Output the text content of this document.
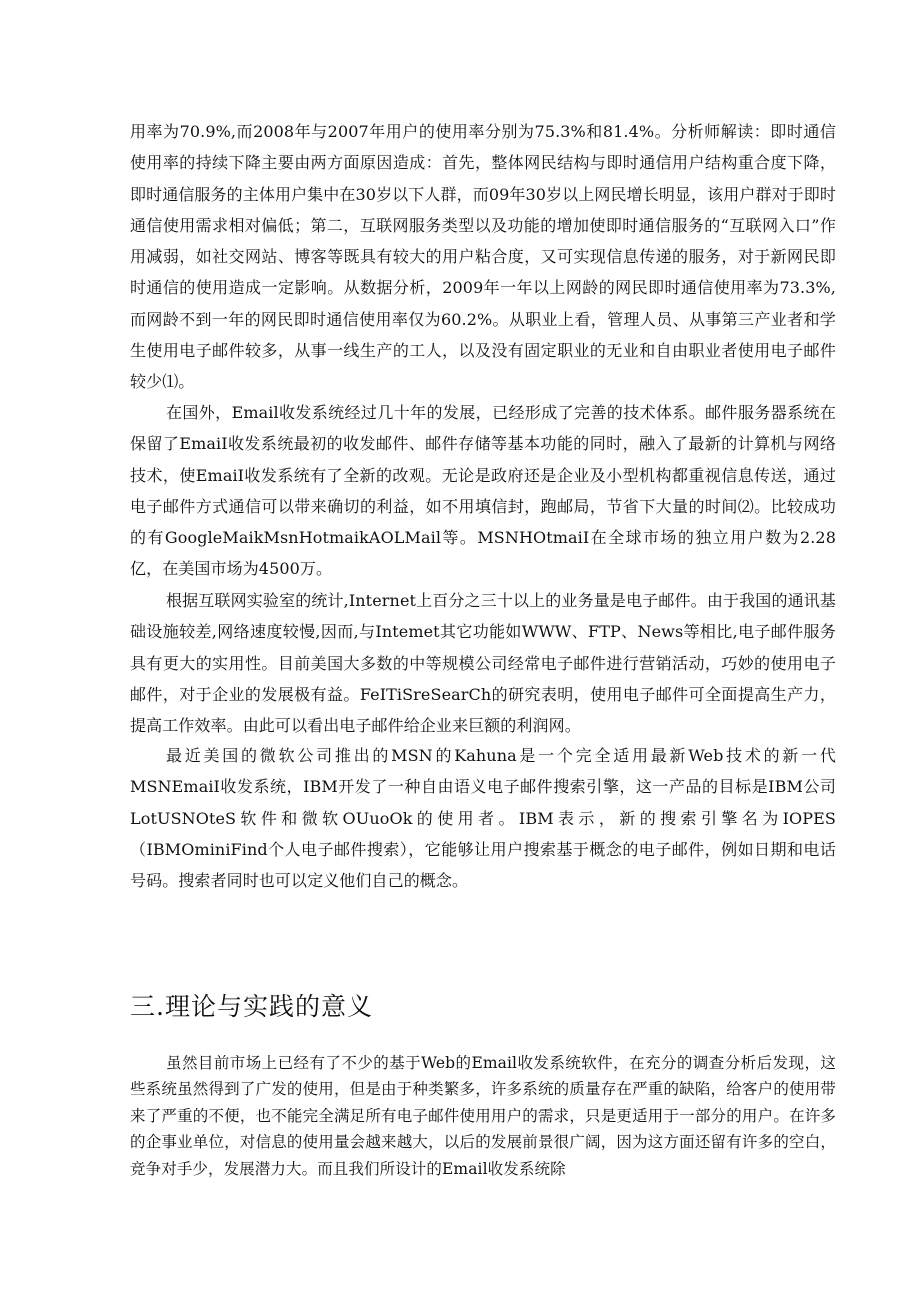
用率为70.9%,而2008年与2007年用户的使用率分别为75.3%和81.4%。分析师解读：即时通信使用率的持续下降主要由两方面原因造成：首先，整体网民结构与即时通信用户结构重合度下降，即时通信服务的主体用户集中在30岁以下人群，而09年30岁以上网民增长明显，该用户群对于即时通信使用需求相对偏低；第二，互联网服务类型以及功能的增加使即时通信服务的“互联网入口”作用减弱，如社交网站、博客等既具有较大的用户粘合度，又可实现信息传递的服务，对于新网民即时通信的使用造成一定影响。从数据分析，2009年一年以上网龄的网民即时通信使用率为73.3%,而网龄不到一年的网民即时通信使用率仅为60.2%。从职业上看，管理人员、从事第三产业者和学生使用电子邮件较多，从事一线生产的工人，以及没有固定职业的无业和自由职业者使用电子邮件较少⑴。

在国外，Email收发系统经过几十年的发展，已经形成了完善的技术体系。邮件服务器系统在保留了EmaiI收发系统最初的收发邮件、邮件存储等基本功能的同时，融入了最新的计算机与网络技术，使EmaiI收发系统有了全新的改观。无论是政府还是企业及小型机构都重视信息传送，通过电子邮件方式通信可以带来确切的利益，如不用填信封，跑邮局，节省下大量的时间⑵。比较成功的有GoogleMaikMsnHotmaikAOLMail等。MSNHOtmaiI在全球市场的独立用户数为2.28亿，在美国市场为4500万。

根据互联网实验室的统计,Internet上百分之三十以上的业务量是电子邮件。由于我国的通讯基础设施较差,网络速度较慢,因而,与Intemet其它功能如WWW、FTP、News等相比,电子邮件服务具有更大的实用性。目前美国大多数的中等规模公司经常电子邮件进行营销活动，巧妙的使用电子邮件，对于企业的发展极有益。FeITiSreSearCh的研究表明，使用电子邮件可全面提高生产力，提高工作效率。由此可以看出电子邮件给企业来巨额的利润网。

最近美国的微软公司推出的MSN的Kahuna是一个完全适用最新Web技术的新一代MSNEmaiI收发系统，IBM开发了一种自由语义电子邮件搜索引擎，这一产品的目标是IBM公司LotUSNOteS软件和微软OUuoOk的使用者。IBM表示，新的搜索引擎名为IOPES（IBMOminiFind个人电子邮件搜索），它能够让用户搜索基于概念的电子邮件，例如日期和电话号码。搜索者同时也可以定义他们自己的概念。

三.理论与实践的意义

虽然目前市场上已经有了不少的基于Web的Email收发系统软件，在充分的调查分析后发现，这些系统虽然得到了广发的使用，但是由于种类繁多，许多系统的质量存在严重的缺陷，给客户的使用带来了严重的不便，也不能完全满足所有电子邮件使用用户的需求，只是更适用于一部分的用户。在许多的企事业单位，对信息的使用量会越来越大，以后的发展前景很广阔，因为这方面还留有许多的空白，竞争对手少，发展潜力大。而且我们所设计的Email收发系统除
